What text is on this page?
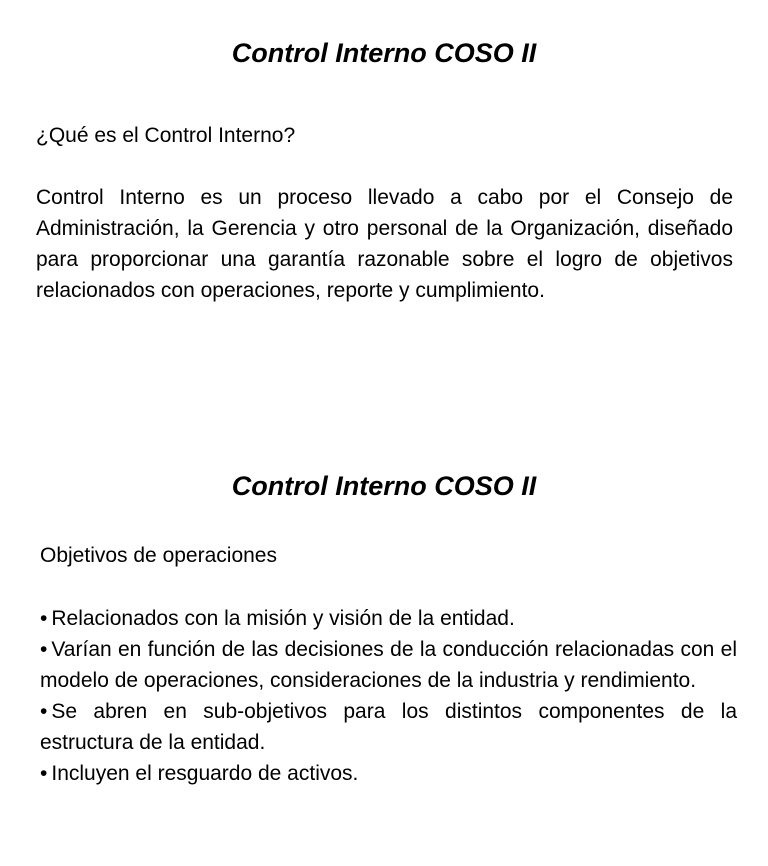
Control Interno COSO II

¿Qué es el Control Interno?

Control Interno es un proceso llevado a cabo por el Consejo de Administración, la Gerencia y otro personal de la Organización, diseñado para proporcionar una garantía razonable sobre el logro de objetivos relacionados con operaciones, reporte y cumplimiento.

Control Interno COSO II

Objetivos de operaciones

• Relacionados con la misión y visión de la entidad.
• Varían en función de las decisiones de la conducción relacionadas con el modelo de operaciones, consideraciones de la industria y rendimiento.
• Se abren en sub-objetivos para los distintos componentes de la estructura de la entidad.
• Incluyen el resguardo de activos.
